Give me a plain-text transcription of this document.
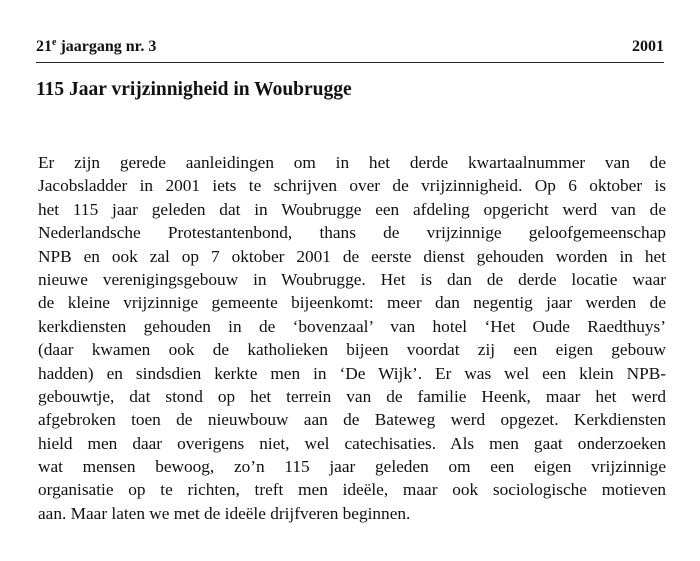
21e jaargang nr. 3	2001
115 Jaar vrijzinnigheid in Woubrugge
Er zijn gerede aanleidingen om in het derde kwartaalnummer van de
Jacobsladder in 2001 iets te schrijven over de vrijzinnigheid. Op 6 oktober is
het 115 jaar geleden dat in Woubrugge een afdeling opgericht werd van de
Nederlandsche Protestantenbond, thans de vrijzinnige geloofgemeenschap
NPB en ook zal op 7 oktober 2001 de eerste dienst gehouden worden in het
nieuwe verenigingsgebouw in Woubrugge. Het is dan de derde locatie waar
de kleine vrijzinnige gemeente bijeenkomt: meer dan negentig jaar werden de
kerkdiensten gehouden in de ‘bovenzaal’ van hotel ‘Het Oude Raedthuys’
(daar kwamen ook de katholieken bijeen voordat zij een eigen gebouw
hadden) en sindsdien kerkte men in ‘De Wijk’. Er was wel een klein NPB-
gebouwtje, dat stond op het terrein van de familie Heenk, maar het werd
afgebroken toen de nieuwbouw aan de Bateweg werd opgezet. Kerkdiensten
hield men daar overigens niet, wel catechisaties. Als men gaat onderzoeken
wat mensen bewoog, zo’n 115 jaar geleden om een eigen vrijzinnige
organisatie op te richten, treft men ideële, maar ook sociologische motieven
aan. Maar laten we met de ideële drijfveren beginnen.
